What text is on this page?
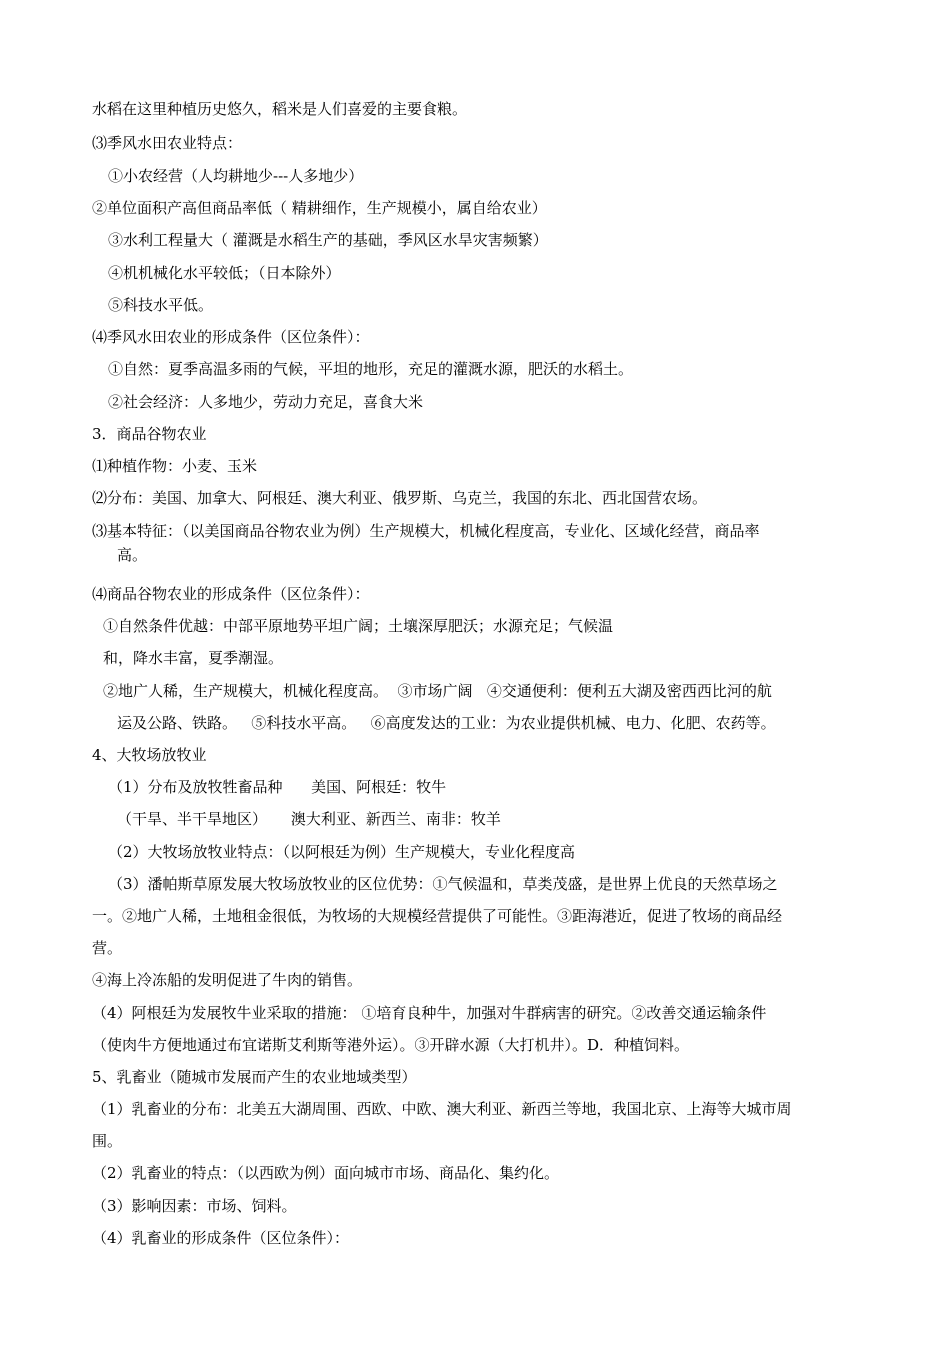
水稻在这里种植历史悠久，稻米是人们喜爱的主要食粮。
⑶季风水田农业特点：
①小农经营（人均耕地少---人多地少）
②单位面积产高但商品率低（ 精耕细作，生产规模小，属自给农业）
③水利工程量大（ 灌溉是水稻生产的基础，季风区水旱灾害频繁）
④机机械化水平较低；（日本除外）
⑤科技水平低。
⑷季风水田农业的形成条件（区位条件）：
①自然：夏季高温多雨的气候，平坦的地形，充足的灌溉水源，肥沃的水稻土。
②社会经济：人多地少，劳动力充足，喜食大米
3．商品谷物农业
⑴种植作物：小麦、玉米
⑵分布：美国、加拿大、阿根廷、澳大利亚、俄罗斯、乌克兰，我国的东北、西北国营农场。
⑶基本特征：（以美国商品谷物农业为例）生产规模大，机械化程度高，专业化、区域化经营，商品率
高。
⑷商品谷物农业的形成条件（区位条件）：
①自然条件优越：中部平原地势平坦广阔；土壤深厚肥沃；水源充足；气候温
和，降水丰富，夏季潮湿。
②地广人稀，生产规模大，机械化程度高。  ③市场广阔   ④交通便利：便利五大湖及密西西比河的航
运及公路、铁路。   ⑤科技水平高。   ⑥高度发达的工业：为农业提供机械、电力、化肥、农药等。
4、大牧场放牧业
（1）分布及放牧牲畜品种      美国、阿根廷：牧牛
（干旱、半干旱地区）     澳大利亚、新西兰、南非：牧羊
（2）大牧场放牧业特点：（以阿根廷为例）生产规模大，专业化程度高
（3）潘帕斯草原发展大牧场放牧业的区位优势：①气候温和，草类茂盛，是世界上优良的天然草场之
一。②地广人稀，土地租金很低，为牧场的大规模经营提供了可能性。③距海港近，促进了牧场的商品经
营。
④海上冷冻船的发明促进了牛肉的销售。
（4）阿根廷为发展牧牛业采取的措施： ①培育良种牛，加强对牛群病害的研究。②改善交通运输条件
（使肉牛方便地通过布宜诺斯艾利斯等港外运）。③开辟水源（大打机井）。D．种植饲料。
5、乳畜业（随城市发展而产生的农业地域类型）
（1）乳畜业的分布：北美五大湖周围、西欧、中欧、澳大利亚、新西兰等地，我国北京、上海等大城市周
围。
（2）乳畜业的特点：（以西欧为例）面向城市市场、商品化、集约化。
（3）影响因素：市场、饲料。
（4）乳畜业的形成条件（区位条件）：
